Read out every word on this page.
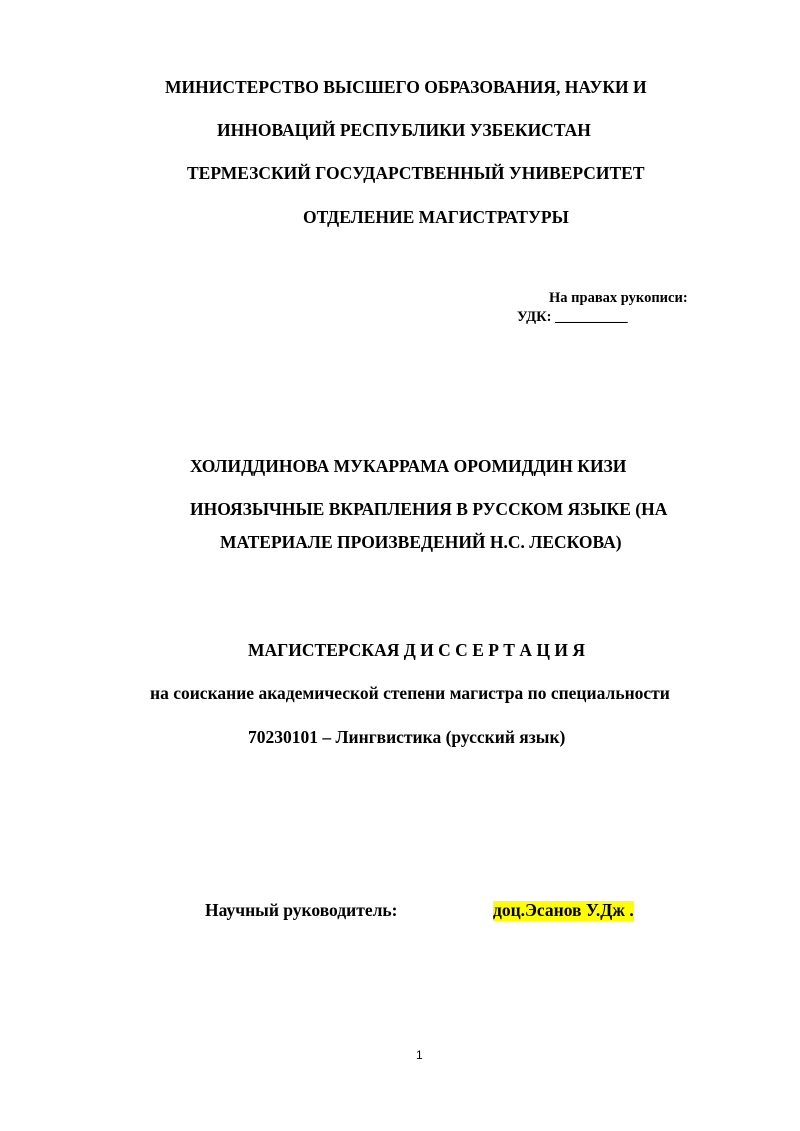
МИНИСТЕРСТВО ВЫСШЕГО ОБРАЗОВАНИЯ, НАУКИ И
ИННОВАЦИЙ РЕСПУБЛИКИ УЗБЕКИСТАН
ТЕРМЕЗСКИЙ ГОСУДАРСТВЕННЫЙ УНИВЕРСИТЕТ
ОТДЕЛЕНИЕ МАГИСТРАТУРЫ
На правах рукописи:
УДК: __________
ХОЛИДДИНОВА МУКАРРАМА ОРОМИДДИН КИЗИ
ИНОЯЗЫЧНЫЕ ВКРАПЛЕНИЯ В РУССКОМ ЯЗЫКЕ (НА
МАТЕРИАЛЕ ПРОИЗВЕДЕНИЙ Н.С. ЛЕСКОВА)
МАГИСТЕРСКАЯ Д И С С Е Р Т А Ц И Я
на соискание академической степени магистра по специальности
70230101 – Лингвистика (русский язык)
Научный руководитель:	доц.Эсанов У.Дж .
1
